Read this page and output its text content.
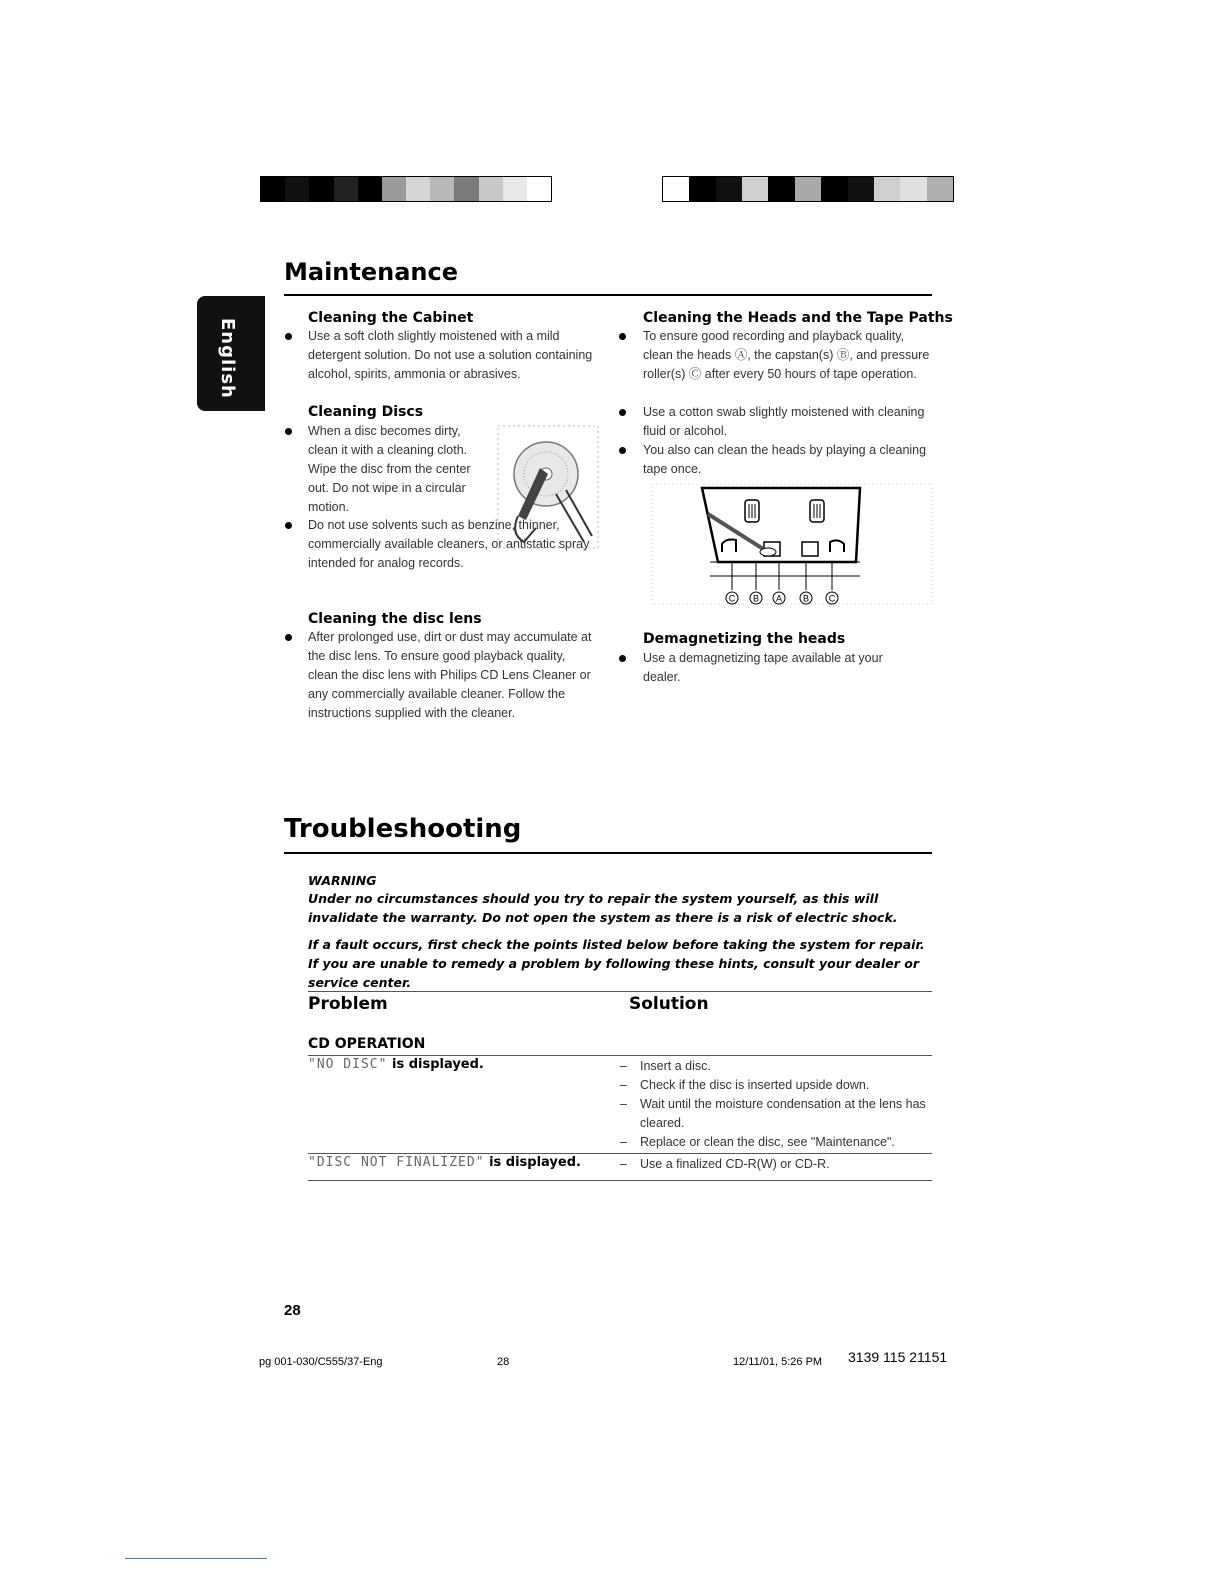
English
Maintenance
Cleaning the Cabinet
Use a soft cloth slightly moistened with a mild detergent solution. Do not use a solution containing alcohol, spirits, ammonia or abrasives.
Cleaning Discs
When a disc becomes dirty, clean it with a cleaning cloth. Wipe the disc from the center out. Do not wipe in a circular motion.
Do not use solvents such as benzine, thinner, commercially available cleaners, or antistatic spray intended for analog records.
Cleaning the disc lens
After prolonged use, dirt or dust may accumulate at the disc lens. To ensure good playback quality, clean the disc lens with Philips CD Lens Cleaner or any commercially available cleaner. Follow the instructions supplied with the cleaner.
Cleaning the Heads and the Tape Paths
To ensure good recording and playback quality, clean the heads Ⓐ, the capstan(s) Ⓑ, and pressure roller(s) Ⓒ after every 50 hours of tape operation.
Use a cotton swab slightly moistened with cleaning fluid or alcohol.
You also can clean the heads by playing a cleaning tape once.
C B A B C
Demagnetizing the heads
Use a demagnetizing tape available at your dealer.
Troubleshooting
WARNING
Under no circumstances should you try to repair the system yourself, as this will invalidate the warranty. Do not open the system as there is a risk of electric shock.
If a fault occurs, first check the points listed below before taking the system for repair. If you are unable to remedy a problem by following these hints, consult your dealer or service center.
Problem	Solution
CD OPERATION
"NO DISC" is displayed.	– Insert a disc.
– Check if the disc is inserted upside down.
– Wait until the moisture condensation at the lens has cleared.
– Replace or clean the disc, see "Maintenance".
"DISC NOT FINALIZED" is displayed.	– Use a finalized CD-R(W) or CD-R.
28
pg 001-030/C555/37-Eng	28	12/11/01, 5:26 PM 3139 115 21151
